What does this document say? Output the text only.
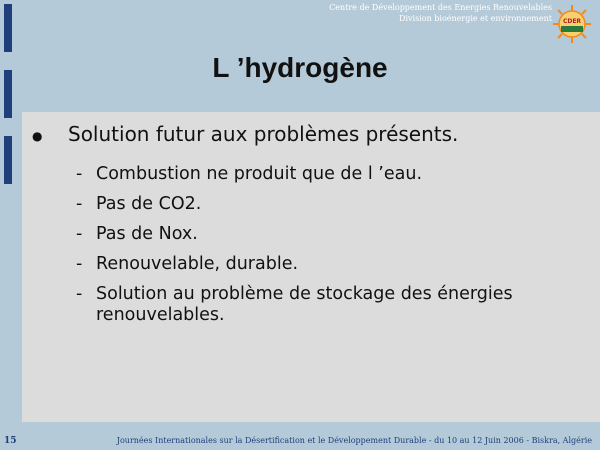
Centre de Développement des Energies Renouvelables
Division bioénergie et environnement CDER
L ’hydrogène
● Solution futur aux problèmes présents.
- Combustion ne produit que de l ’eau.
- Pas de CO2.
- Pas de Nox.
- Renouvelable, durable.
- Solution au problème de stockage des énergies renouvelables.
15	Journées Internationales sur la Désertification et le Développement Durable - du 10 au 12 Juin 2006 - Biskra, Algérie
